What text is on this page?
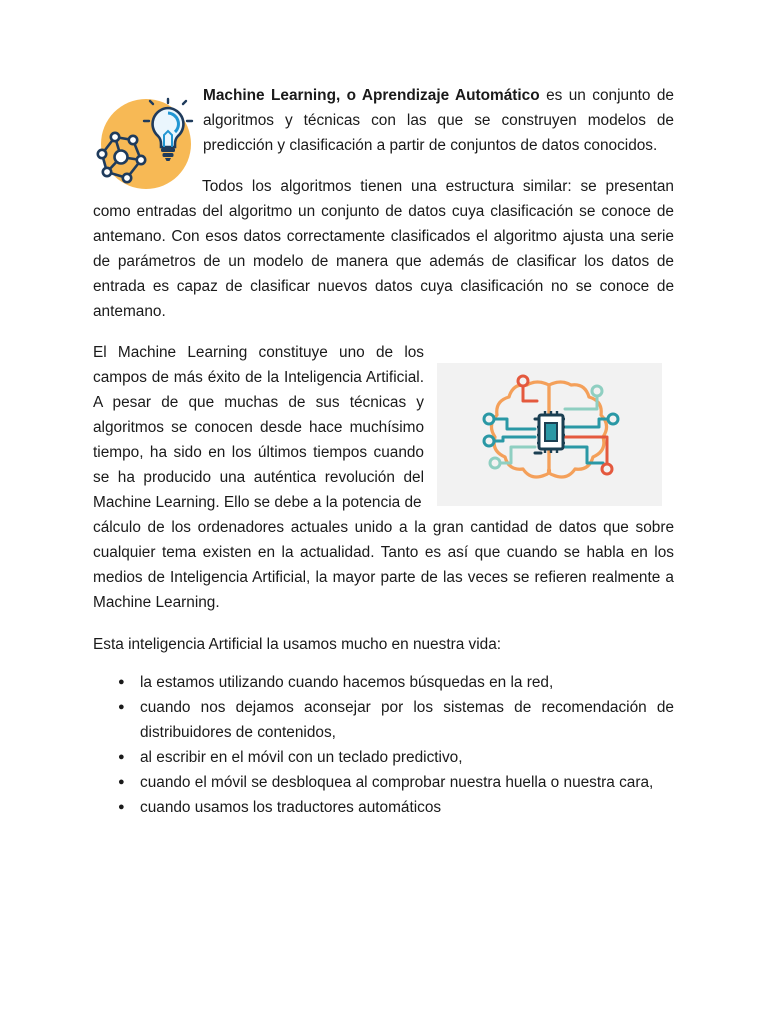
Machine Learning, o Aprendizaje Automático es un conjunto de algoritmos y técnicas con las que se construyen modelos de predicción y clasificación a partir de conjuntos de datos conocidos.

Todos los algoritmos tienen una estructura similar: se presentan como entradas del algoritmo un conjunto de datos cuya clasificación se conoce de antemano. Con esos datos correctamente clasificados el algoritmo ajusta una serie de parámetros de un modelo de manera que además de clasificar los datos de entrada es capaz de clasificar nuevos datos cuya clasificación no se conoce de antemano.

El Machine Learning constituye uno de los campos de más éxito de la Inteligencia Artificial. A pesar de que muchas de sus técnicas y algoritmos se conocen desde hace muchísimo tiempo, ha sido en los últimos tiempos cuando se ha producido una auténtica revolución del Machine Learning. Ello se debe a la potencia de

cálculo de los ordenadores actuales unido a la gran cantidad de datos que sobre cualquier tema existen en la actualidad. Tanto es así que cuando se habla en los medios de Inteligencia Artificial, la mayor parte de las veces se refieren realmente a Machine Learning.

Esta inteligencia Artificial la usamos mucho en nuestra vida:

● la estamos utilizando cuando hacemos búsquedas en la red,
● cuando nos dejamos aconsejar por los sistemas de recomendación de distribuidores de contenidos,
● al escribir en el móvil con un teclado predictivo,
● cuando el móvil se desbloquea al comprobar nuestra huella o nuestra cara,
● cuando usamos los traductores automáticos
